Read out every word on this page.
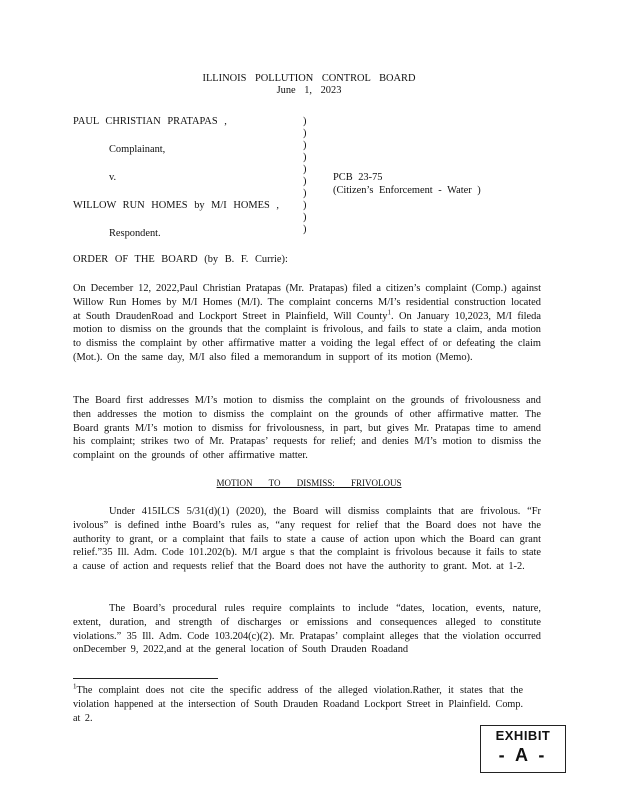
ILLINOIS POLLUTION CONTROL BOARD
June 1, 2023
PAUL CHRISTIAN PRATAPAS ,
Complainant,
v.
WILLOW RUN HOMES by M/I HOMES ,
Respondent.
)
)
)
)
)
)
)
)
)
)
PCB 23-75
(Citizen’s Enforcement - Water )
ORDER OF THE BOARD (by B. F. Currie):
On December 12, 2022,Paul Christian Pratapas (Mr. Pratapas) filed a citizen’s complaint (Comp.) against Willow Run Homes by M/I Homes (M/I). The complaint concerns M/I’s residential construction located at South DraudenRoad and Lockport Street in Plainfield, Will County$^1$. On January 10,2023, M/I fileda motion to dismiss on the grounds that the complaint is frivolous, and fails to state a claim, anda motion to dismiss the complaint by other affirmative matter a voiding the legal effect of or defeating the claim (Mot.). On the same day, M/I also filed a memorandum in support of its motion (Memo).
The Board first addresses M/I’s motion to dismiss the complaint on the grounds of frivolousness and then addresses the motion to dismiss the complaint on the grounds of other affirmative matter. The Board grants M/I’s motion to dismiss for frivolousness, in part, but gives Mr. Pratapas time to amend his complaint; strikes two of Mr. Pratapas’ requests for relief; and denies M/I’s motion to dismiss the complaint on the grounds of other affirmative matter.
MOTION TO DISMISS: FRIVOLOUS
Under 415ILCS 5/31(d)(1) (2020), the Board will dismiss complaints that are frivolous. “Fr ivolous” is defined inthe Board’s rules as, “any request for relief that the Board does not have the authority to grant, or a complaint that fails to state a cause of action upon which the Board can grant relief.”35 Ill. Adm. Code 101.202(b). M/I argue s that the complaint is frivolous because it fails to state a cause of action and requests relief that the Board does not have the authority to grant. Mot. at 1-2.
The Board’s procedural rules require complaints to include “dates, location, events, nature, extent, duration, and strength of discharges or emissions and consequences alleged to constitute violations.” 35 Ill. Adm. Code 103.204(c)(2). Mr. Pratapas’ complaint alleges that the violation occurred onDecember 9, 2022,and at the general location of South Drauden Roadand
$^1$The complaint does not cite the specific address of the alleged violation.Rather, it states that the violation happened at the intersection of South Drauden Roadand Lockport Street in Plainfield. Comp. at 2.
EXHIBIT
- A -
